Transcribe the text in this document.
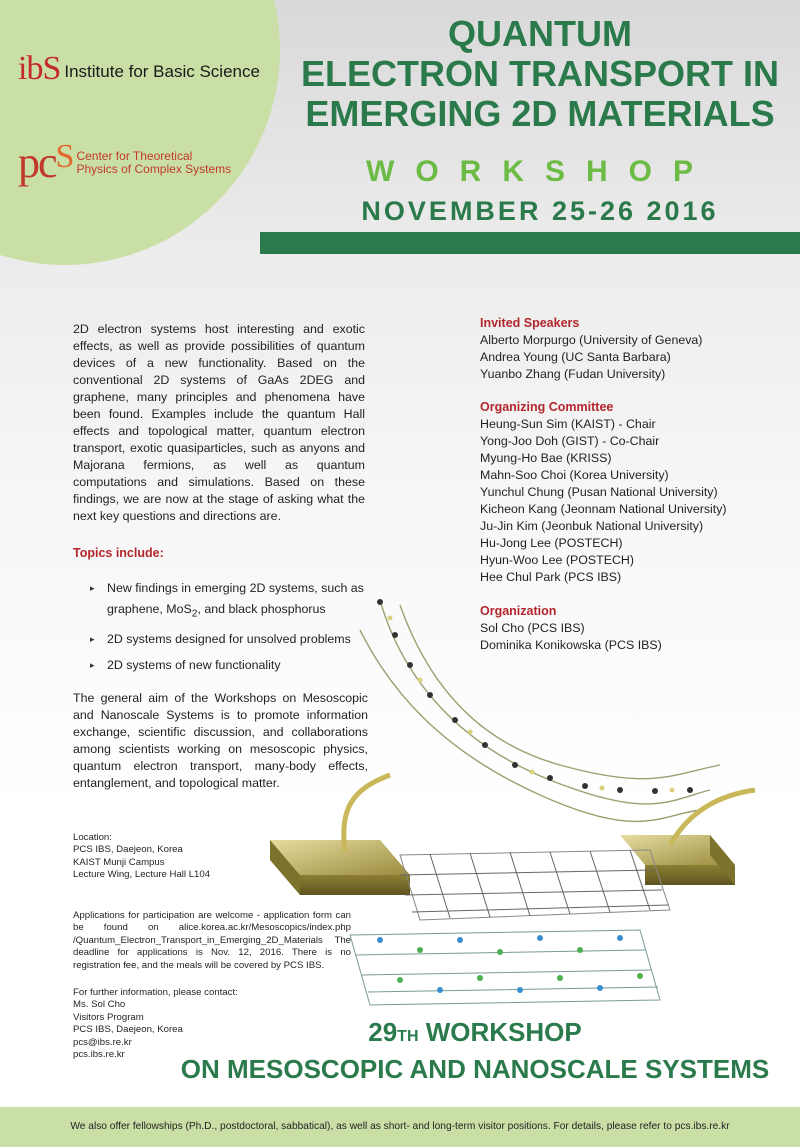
ibS Institute for Basic Science
$pc^S$ Center for Theoretical
Physics of Complex Systems
QUANTUM
ELECTRON TRANSPORT IN
EMERGING 2D MATERIALS
WORKSHOP
NOVEMBER 25-26 2016

2D electron systems host interesting and exotic effects, as well as provide possibilities of quantum devices of a new functionality. Based on the conventional 2D systems of GaAs 2DEG and graphene, many principles and phenomena have been found. Examples include the quantum Hall effects and topological matter, quantum electron transport, exotic quasiparticles, such as anyons and Majorana fermions, as well as quantum computations and simulations. Based on these findings, we are now at the stage of asking what the next key questions and directions are.

Topics include:
▸ New findings in emerging 2D systems, such as graphene, MoS$_2$, and black phosphorus
▸ 2D systems designed for unsolved problems
▸ 2D systems of new functionality

The general aim of the Workshops on Mesoscopic and Nanoscale Systems is to promote information exchange, scientific discussion, and collaborations among scientists working on mesoscopic physics, quantum electron transport, many-body effects, entanglement, and topological matter.

Location:
PCS IBS, Daejeon, Korea
KAIST Munji Campus
Lecture Wing, Lecture Hall L104

Applications for participation are welcome - application form can be found on alice.korea.ac.kr/Mesoscopics/index.php /Quantum_Electron_Transport_in_Emerging_2D_Materials The deadline for applications is Nov. 12, 2016. There is no registration fee, and the meals will be covered by PCS IBS.

For further information, please contact:
Ms. Sol Cho
Visitors Program
PCS IBS, Daejeon, Korea
pcs@ibs.re.kr
pcs.ibs.re.kr
Invited Speakers
Alberto Morpurgo (University of Geneva)
Andrea Young (UC Santa Barbara)
Yuanbo Zhang (Fudan University)
Organizing Committee
Heung-Sun Sim (KAIST) - Chair
Yong-Joo Doh (GIST) - Co-Chair
Myung-Ho Bae (KRISS)
Mahn-Soo Choi (Korea University)
Yunchul Chung (Pusan National University)
Kicheon Kang (Jeonnam National University)
Ju-Jin Kim (Jeonbuk National University)
Hu-Jong Lee (POSTECH)
Hyun-Woo Lee (POSTECH)
Hee Chul Park (PCS IBS)
Organization
Sol Cho (PCS IBS)
Dominika Konikowska (PCS IBS)
29TH WORKSHOP
ON MESOSCOPIC AND NANOSCALE SYSTEMS
We also offer fellowships (Ph.D., postdoctoral, sabbatical), as well as short- and long-term visitor positions. For details, please refer to pcs.ibs.re.kr
